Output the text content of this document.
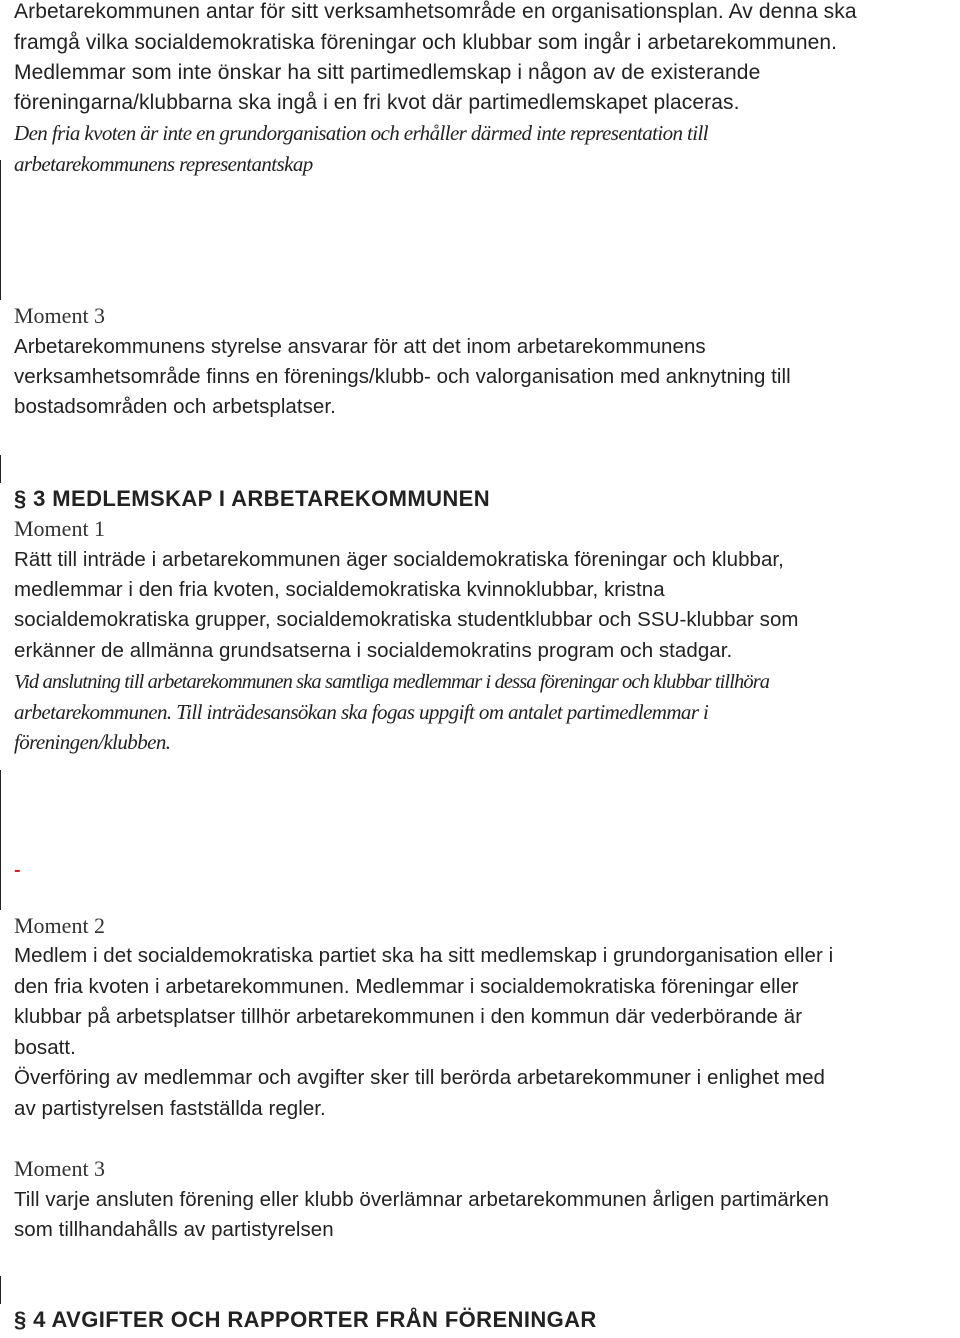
Arbetarekommunen antar för sitt verksamhetsområde en organisationsplan. Av denna ska
framgå vilka socialdemokratiska föreningar och klubbar som ingår i arbetarekommunen.
Medlemmar som inte önskar ha sitt partimedlemskap i någon av de existerande
föreningarna/klubbarna ska ingå i en fri kvot där partimedlemskapet placeras.
Den fria kvoten är inte en grundorganisation och erhåller därmed inte representation till
arbetarekommunens representantskap
Moment 3
Arbetarekommunens styrelse ansvarar för att det inom arbetarekommunens
verksamhetsområde finns en förenings/klubb- och valorganisation med anknytning till
bostadsområden och arbetsplatser.
§ 3 MEDLEMSKAP I ARBETAREKOMMUNEN
Moment 1
Rätt till inträde i arbetarekommunen äger socialdemokratiska föreningar och klubbar,
medlemmar i den fria kvoten, socialdemokratiska kvinnoklubbar, kristna
socialdemokratiska grupper, socialdemokratiska studentklubbar och SSU-klubbar som
erkänner de allmänna grundsatserna i socialdemokratins program och stadgar.
Vid anslutning till arbetarekommunen ska samtliga medlemmar i dessa föreningar och klubbar tillhöra
arbetarekommunen. Till inträdesansökan ska fogas uppgift om antalet partimedlemmar i
föreningen/klubben.
-
Moment 2
Medlem i det socialdemokratiska partiet ska ha sitt medlemskap i grundorganisation eller i
den fria kvoten i arbetarekommunen. Medlemmar i socialdemokratiska föreningar eller
klubbar på arbetsplatser tillhör arbetarekommunen i den kommun där vederbörande är
bosatt.
Överföring av medlemmar och avgifter sker till berörda arbetarekommuner i enlighet med
av partistyrelsen fastställda regler.
Moment 3
Till varje ansluten förening eller klubb överlämnar arbetarekommunen årligen partimärken
som tillhandahålls av partistyrelsen
§ 4 AVGIFTER OCH RAPPORTER FRÅN FÖRENINGAR
